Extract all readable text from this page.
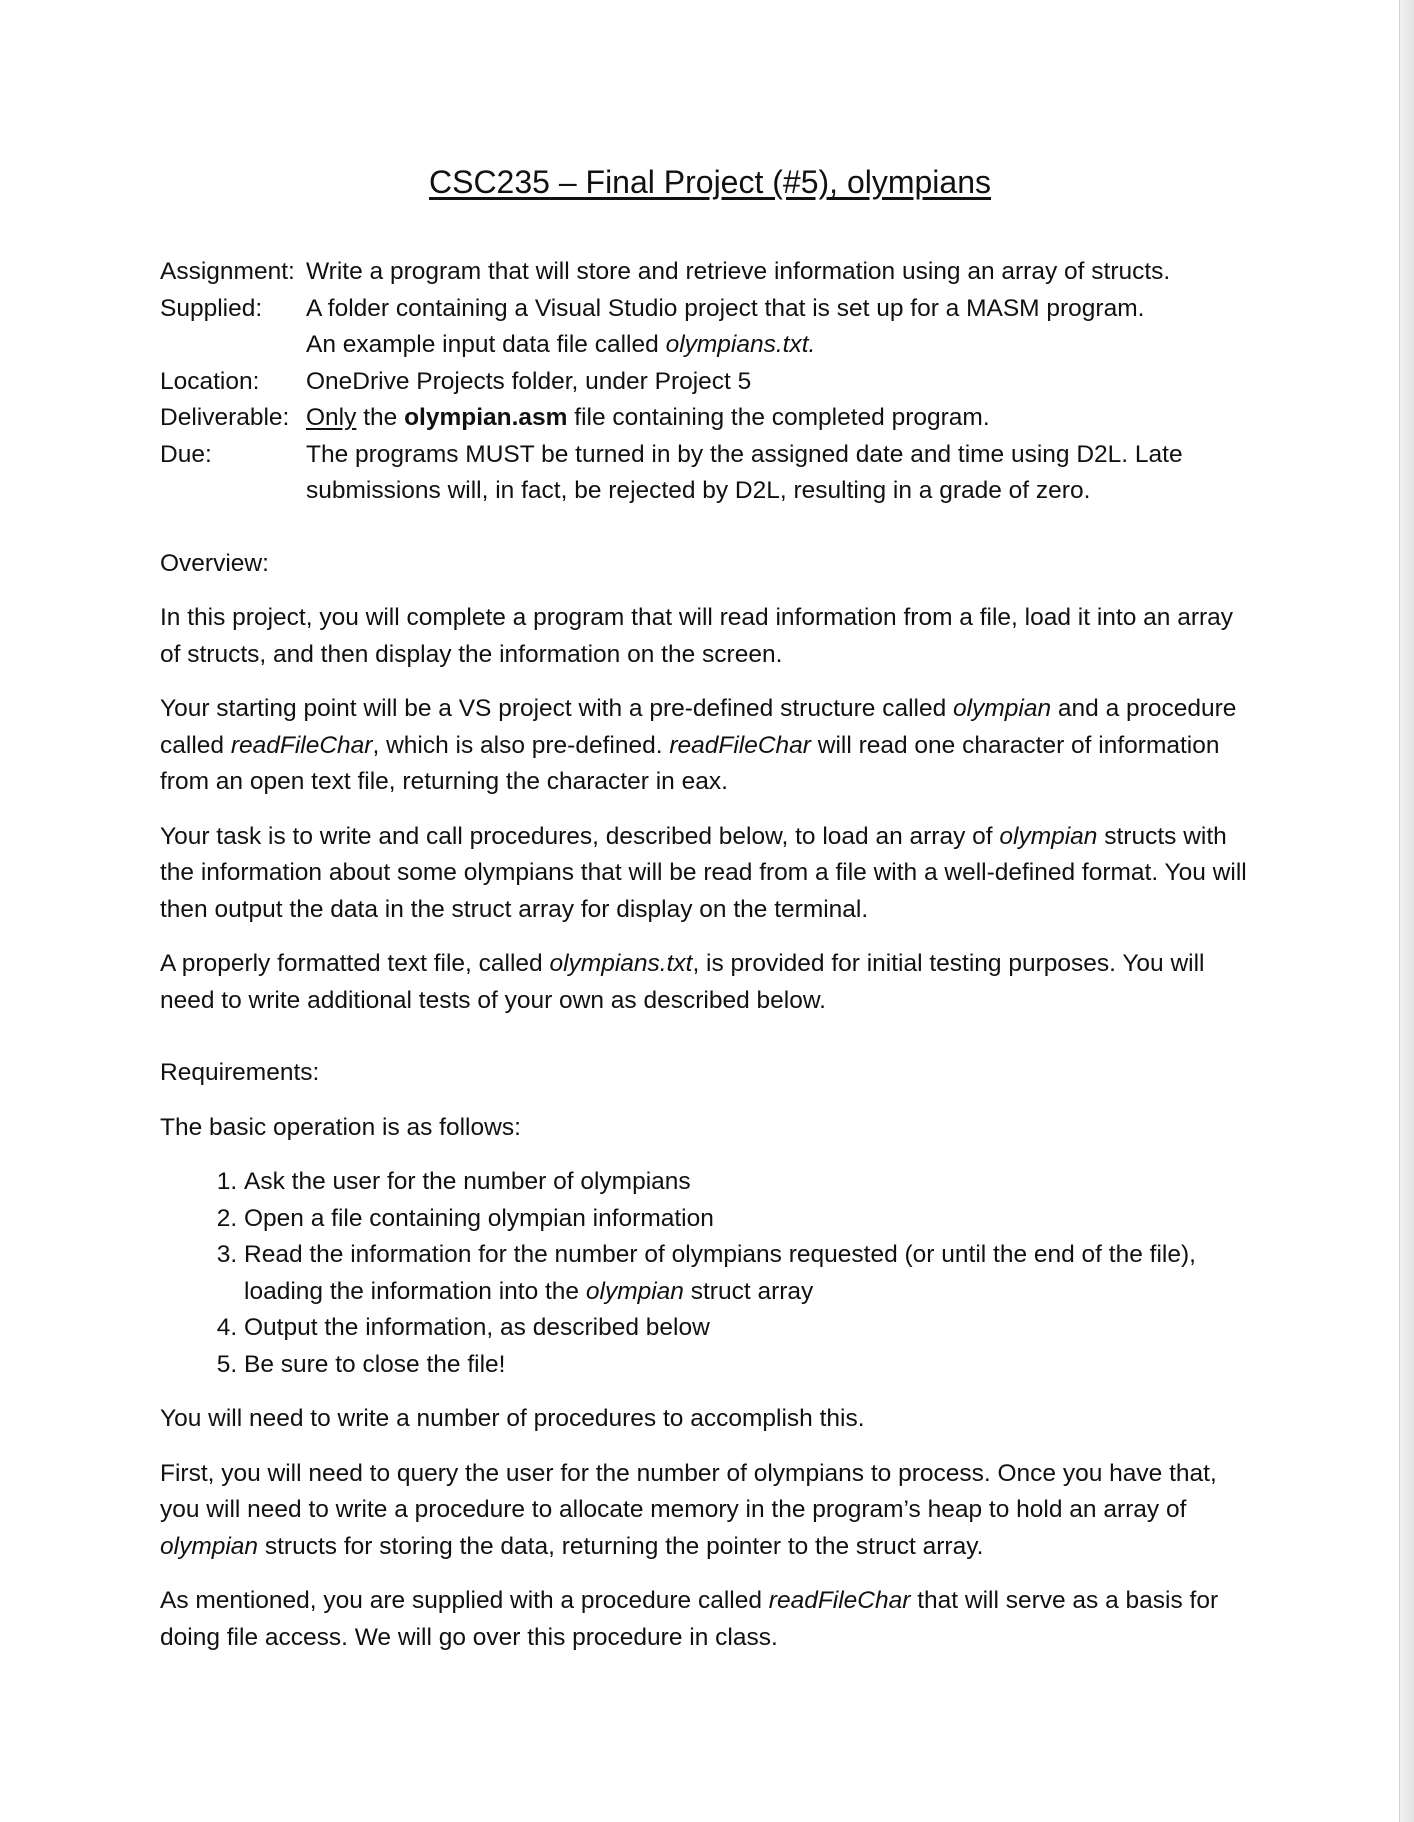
CSC235 – Final Project (#5), olympians
Assignment:	Write a program that will store and retrieve information using an array of structs.
Supplied:	A folder containing a Visual Studio project that is set up for a MASM program.
An example input data file called olympians.txt.

Location:	OneDrive Projects folder, under Project 5
Deliverable:	Only the olympian.asm file containing the completed program.
Due:	The programs MUST be turned in by the assigned date and time using D2L. Late
submissions will, in fact, be rejected by D2L, resulting in a grade of zero.
Overview:

In this project, you will complete a program that will read information from a file, load it into an array of structs, and then display the information on the screen.

Your starting point will be a VS project with a pre-defined structure called olympian and a procedure called readFileChar, which is also pre-defined. readFileChar will read one character of information from an open text file, returning the character in eax.

Your task is to write and call procedures, described below, to load an array of olympian structs with the information about some olympians that will be read from a file with a well-defined format. You will then output the data in the struct array for display on the terminal.

A properly formatted text file, called olympians.txt, is provided for initial testing purposes. You will need to write additional tests of your own as described below.

Requirements:

The basic operation is as follows:

1. Ask the user for the number of olympians
2. Open a file containing olympian information
3. Read the information for the number of olympians requested (or until the end of the file), loading the information into the olympian struct array
4. Output the information, as described below
5. Be sure to close the file!

You will need to write a number of procedures to accomplish this.

First, you will need to query the user for the number of olympians to process. Once you have that, you will need to write a procedure to allocate memory in the program’s heap to hold an array of olympian structs for storing the data, returning the pointer to the struct array.

As mentioned, you are supplied with a procedure called readFileChar that will serve as a basis for doing file access. We will go over this procedure in class.
